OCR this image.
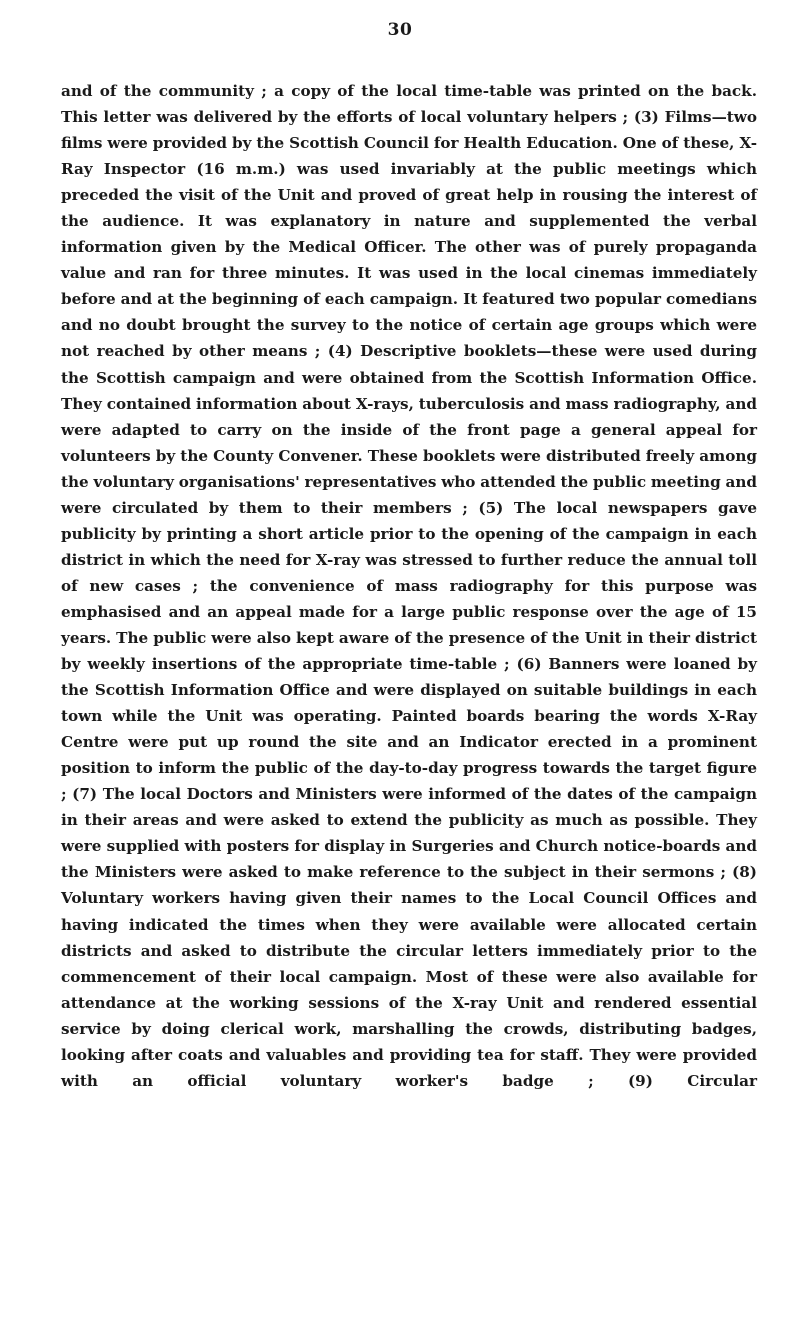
30

and of the community ; a copy of the local time-table was printed on the back. This letter was delivered by the efforts of local voluntary helpers ; (3) Films—two films were provided by the Scottish Council for Health Education. One of these, X-Ray Inspector (16 m.m.) was used invariably at the public meetings which preceded the visit of the Unit and proved of great help in rousing the interest of the audience. It was explanatory in nature and supplemented the verbal information given by the Medical Officer. The other was of purely propaganda value and ran for three minutes. It was used in the local cinemas immediately before and at the beginning of each campaign. It featured two popular comedians and no doubt brought the survey to the notice of certain age groups which were not reached by other means ; (4) Descriptive booklets—these were used during the Scottish campaign and were obtained from the Scottish Information Office. They contained information about X-rays, tuberculosis and mass radiography, and were adapted to carry on the inside of the front page a general appeal for volunteers by the County Convener. These booklets were distributed freely among the voluntary organisations' representatives who attended the public meeting and were circulated by them to their members ; (5) The local newspapers gave publicity by printing a short article prior to the opening of the campaign in each district in which the need for X-ray was stressed to further reduce the annual toll of new cases ; the convenience of mass radiography for this purpose was emphasised and an appeal made for a large public response over the age of 15 years. The public were also kept aware of the presence of the Unit in their district by weekly insertions of the appropriate time-table ; (6) Banners were loaned by the Scottish Information Office and were displayed on suitable buildings in each town while the Unit was operating. Painted boards bearing the words X-Ray Centre were put up round the site and an Indicator erected in a prominent position to inform the public of the day-to-day progress towards the target figure ; (7) The local Doctors and Ministers were informed of the dates of the campaign in their areas and were asked to extend the publicity as much as possible. They were supplied with posters for display in Surgeries and Church notice-boards and the Ministers were asked to make reference to the subject in their sermons ; (8) Voluntary workers having given their names to the Local Council Offices and having indicated the times when they were available were allocated certain districts and asked to distribute the circular letters immediately prior to the commencement of their local campaign. Most of these were also available for attendance at the working sessions of the X-ray Unit and rendered essential service by doing clerical work, marshalling the crowds, distributing badges, looking after coats and valuables and providing tea for staff. They were provided with an official voluntary worker's badge ; (9) Circular
